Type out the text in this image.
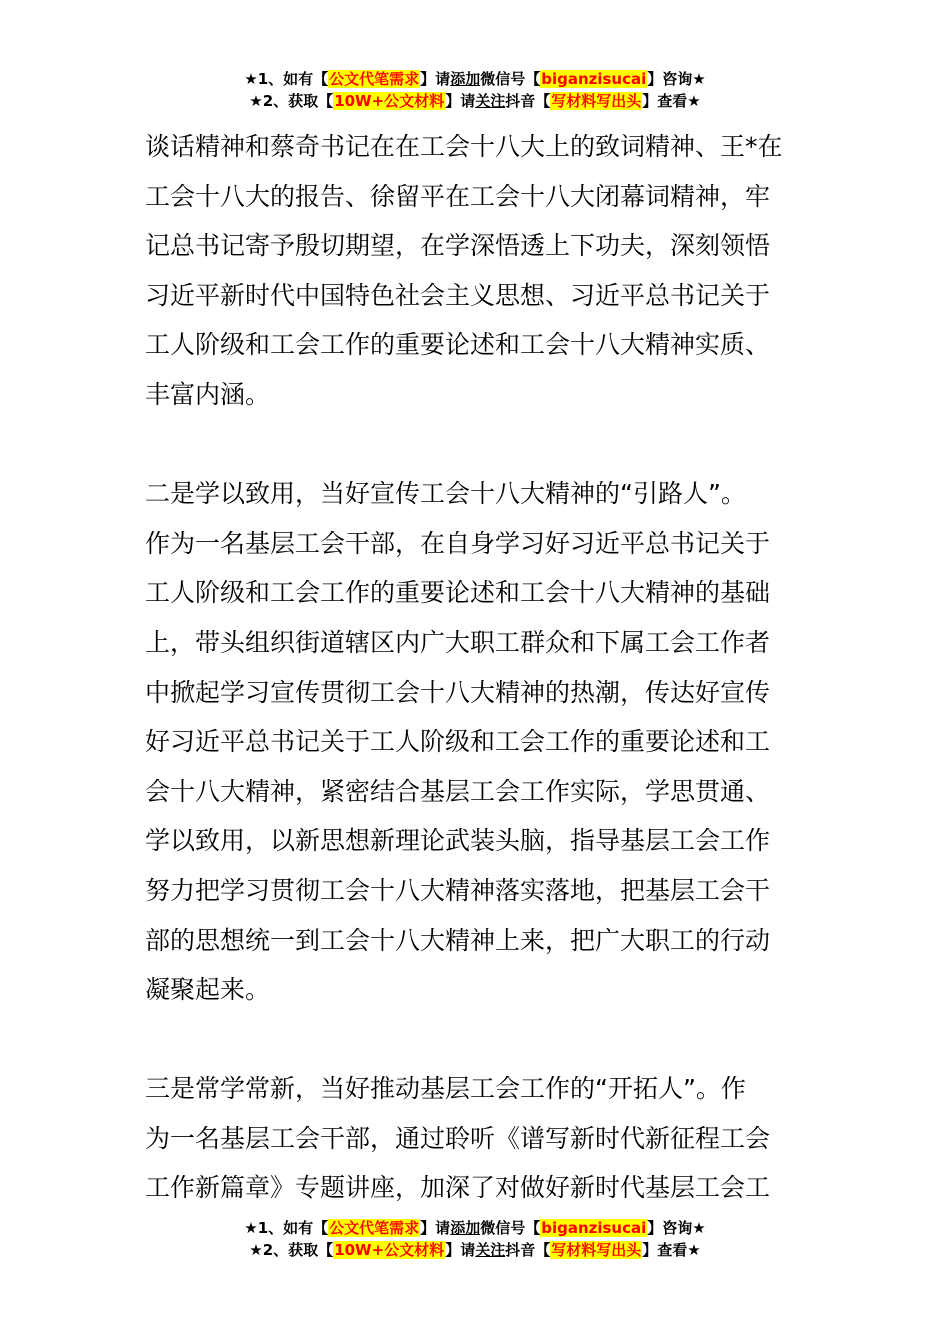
★1、如有【公文代笔需求】请添加微信号【biganzisucai】咨询★
★2、获取【10W+公文材料】请关注抖音【写材料写出头】查看★
谈话精神和蔡奇书记在在工会十八大上的致词精神、王*在
工会十八大的报告、徐留平在工会十八大闭幕词精神，牢
记总书记寄予殷切期望，在学深悟透上下功夫，深刻领悟
习近平新时代中国特色社会主义思想、习近平总书记关于
工人阶级和工会工作的重要论述和工会十八大精神实质、
丰富内涵。
二是学以致用，当好宣传工会十八大精神的“引路人”。
作为一名基层工会干部，在自身学习好习近平总书记关于
工人阶级和工会工作的重要论述和工会十八大精神的基础
上，带头组织街道辖区内广大职工群众和下属工会工作者
中掀起学习宣传贯彻工会十八大精神的热潮，传达好宣传
好习近平总书记关于工人阶级和工会工作的重要论述和工
会十八大精神，紧密结合基层工会工作实际，学思贯通、
学以致用，以新思想新理论武装头脑，指导基层工会工作
努力把学习贯彻工会十八大精神落实落地，把基层工会干
部的思想统一到工会十八大精神上来，把广大职工的行动
凝聚起来。
三是常学常新，当好推动基层工会工作的“开拓人”。作
为一名基层工会干部，通过聆听《谱写新时代新征程工会
工作新篇章》专题讲座，加深了对做好新时代基层工会工
★1、如有【公文代笔需求】请添加微信号【biganzisucai】咨询★
★2、获取【10W+公文材料】请关注抖音【写材料写出头】查看★
